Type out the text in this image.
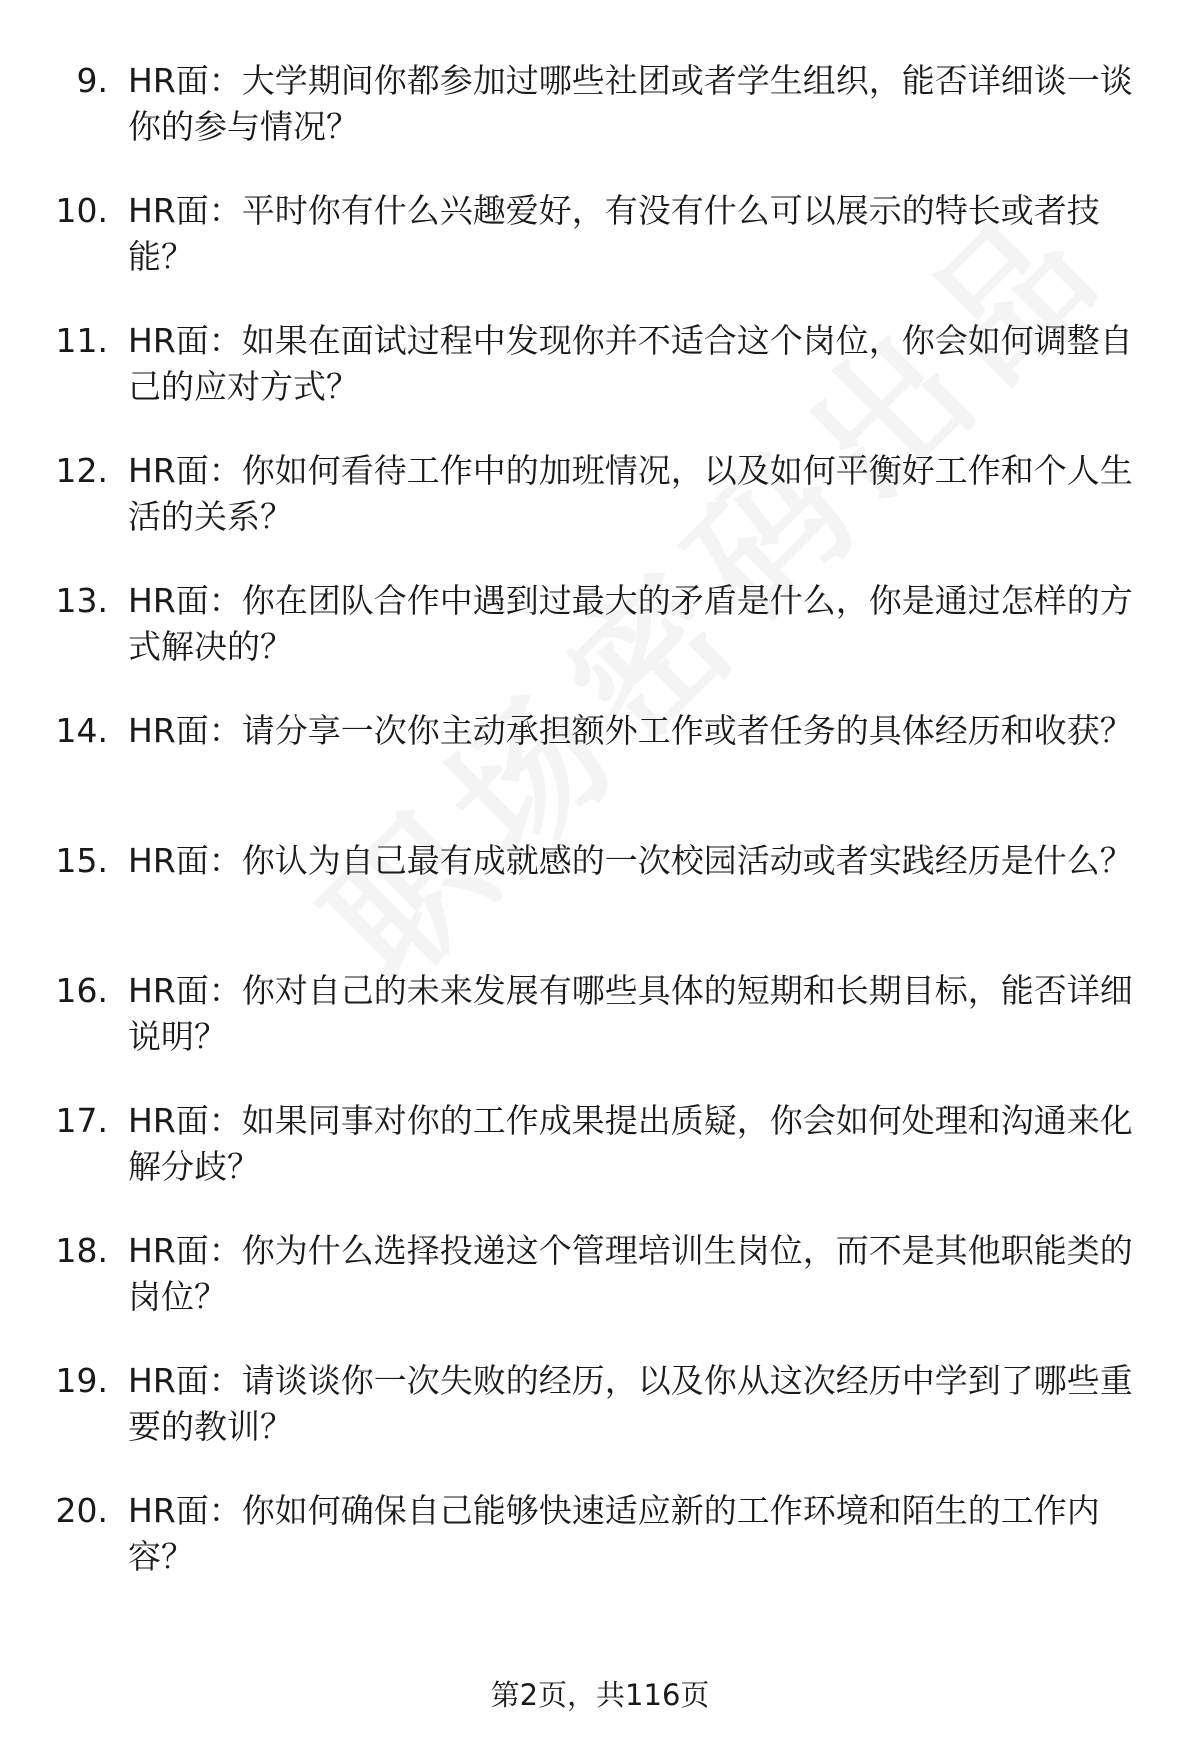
9. HR面：大学期间你都参加过哪些社团或者学生组织，能否详细谈一谈你的参与情况？
10. HR面：平时你有什么兴趣爱好，有没有什么可以展示的特长或者技能？
11. HR面：如果在面试过程中发现你并不适合这个岗位，你会如何调整自己的应对方式？
12. HR面：你如何看待工作中的加班情况，以及如何平衡好工作和个人生活的关系？
13. HR面：你在团队合作中遇到过最大的矛盾是什么，你是通过怎样的方式解决的？
14. HR面：请分享一次你主动承担额外工作或者任务的具体经历和收获？
15. HR面：你认为自己最有成就感的一次校园活动或者实践经历是什么？
16. HR面：你对自己的未来发展有哪些具体的短期和长期目标，能否详细说明？
17. HR面：如果同事对你的工作成果提出质疑，你会如何处理和沟通来化解分歧？
18. HR面：你为什么选择投递这个管理培训生岗位，而不是其他职能类的岗位？
19. HR面：请谈谈你一次失败的经历，以及你从这次经历中学到了哪些重要的教训？
20. HR面：你如何确保自己能够快速适应新的工作环境和陌生的工作内容？
第2页，共116页
